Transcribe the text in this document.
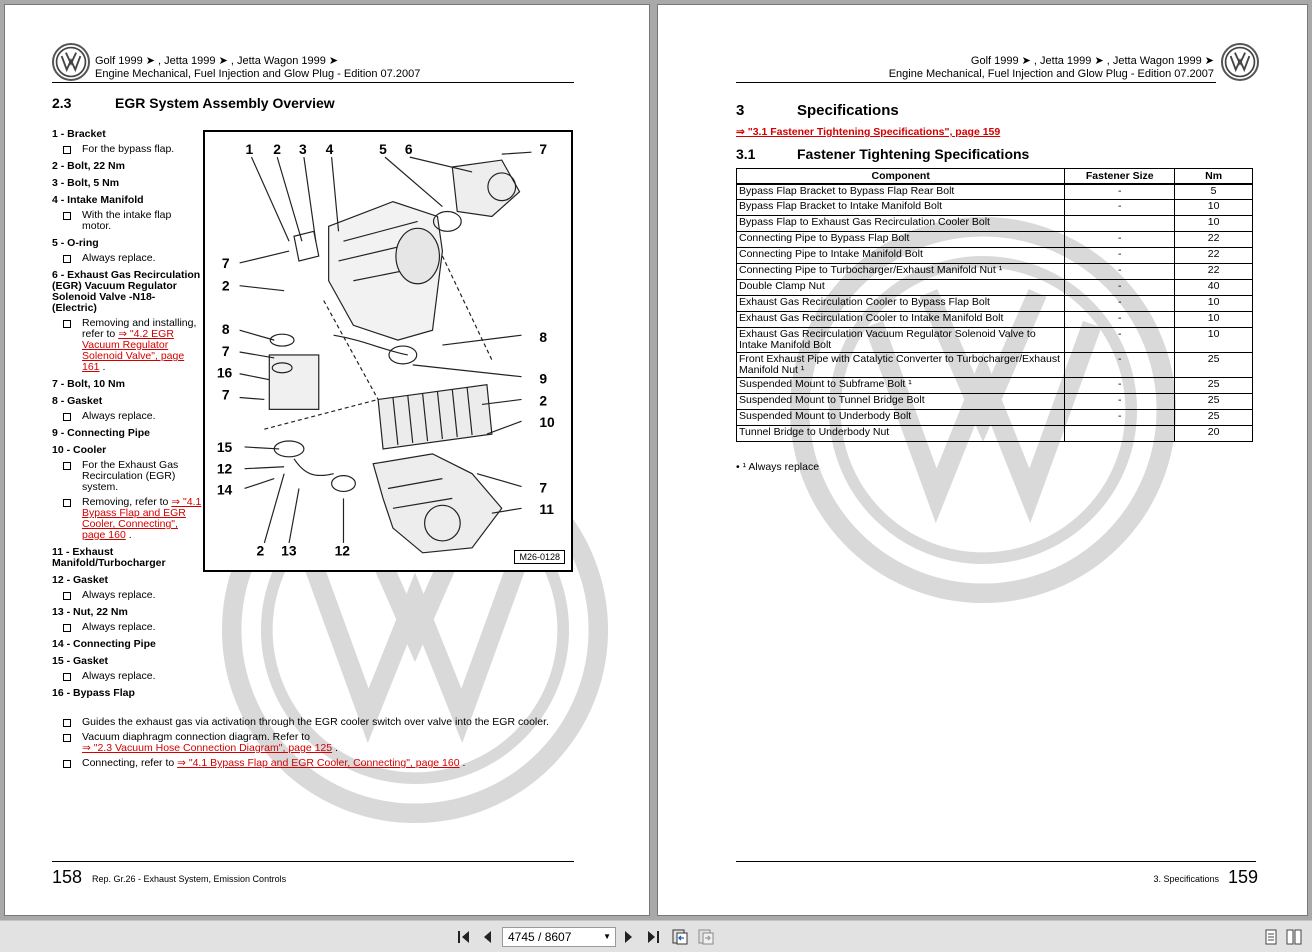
Golf 1999 ➤ , Jetta 1999 ➤ , Jetta Wagon 1999 ➤
Engine Mechanical, Fuel Injection and Glow Plug - Edition 07.2007
2.3	EGR System Assembly Overview
1 - Bracket
For the bypass flap.
2 - Bolt, 22 Nm
3 - Bolt, 5 Nm
4 - Intake Manifold
With the intake flap motor.
5 - O-ring
Always replace.
6 - Exhaust Gas Recirculation (EGR) Vacuum Regulator Solenoid Valve -N18- (Electric)
Removing and installing, refer to ⇒ "4.2 EGR Vacuum Regulator Solenoid Valve", page 161 .
7 - Bolt, 10 Nm
8 - Gasket
Always replace.
9 - Connecting Pipe
10 - Cooler
For the Exhaust Gas Recirculation (EGR) system.
Removing, refer to ⇒ "4.1 Bypass Flap and EGR Cooler, Connecting", page 160 .
11 - Exhaust Manifold/Turbocharger
12 - Gasket
Always replace.
13 - Nut, 22 Nm
Always replace.
14 - Connecting Pipe
15 - Gasket
Always replace.
16 - Bypass Flap
Guides the exhaust gas via activation through the EGR cooler switch over valve into the EGR cooler.
Vacuum diaphragm connection diagram. Refer to
⇒ "2.3 Vacuum Hose Connection Diagram", page 125 .
Connecting, refer to ⇒ "4.1 Bypass Flap and EGR Cooler, Connecting", page 160 .
1 2 3 4	5 6	7
7
2
8
7
16
7
8
9
2
10
15
12
14	7
11
2 13	12	M26-0128
158 Rep. Gr.26 - Exhaust System, Emission Controls
Golf 1999 ➤ , Jetta 1999 ➤ , Jetta Wagon 1999 ➤
Engine Mechanical, Fuel Injection and Glow Plug - Edition 07.2007
3	Specifications
⇒ "3.1 Fastener Tightening Specifications", page 159
3.1	Fastener Tightening Specifications
Component	Fastener Size	Nm
Bypass Flap Bracket to Bypass Flap Rear Bolt	-	5
Bypass Flap Bracket to Intake Manifold Bolt	-	10
Bypass Flap to Exhaust Gas Recirculation Cooler Bolt		10
Connecting Pipe to Bypass Flap Bolt	-	22
Connecting Pipe to Intake Manifold Bolt	-	22
Connecting Pipe to Turbocharger/Exhaust Manifold Nut ¹	-	22
Double Clamp Nut	-	40
Exhaust Gas Recirculation Cooler to Bypass Flap Bolt	-	10
Exhaust Gas Recirculation Cooler to Intake Manifold Bolt	-	10
Exhaust Gas Recirculation Vacuum Regulator Solenoid Valve to Intake Manifold Bolt	-	10
Front Exhaust Pipe with Catalytic Converter to Turbocharger/Exhaust Manifold Nut ¹	-	25
Suspended Mount to Subframe Bolt ¹	-	25
Suspended Mount to Tunnel Bridge Bolt	-	25
Suspended Mount to Underbody Bolt	-	25
Tunnel Bridge to Underbody Nut		20
• ¹ Always replace
3. Specifications 159
4745 / 8607	▼
